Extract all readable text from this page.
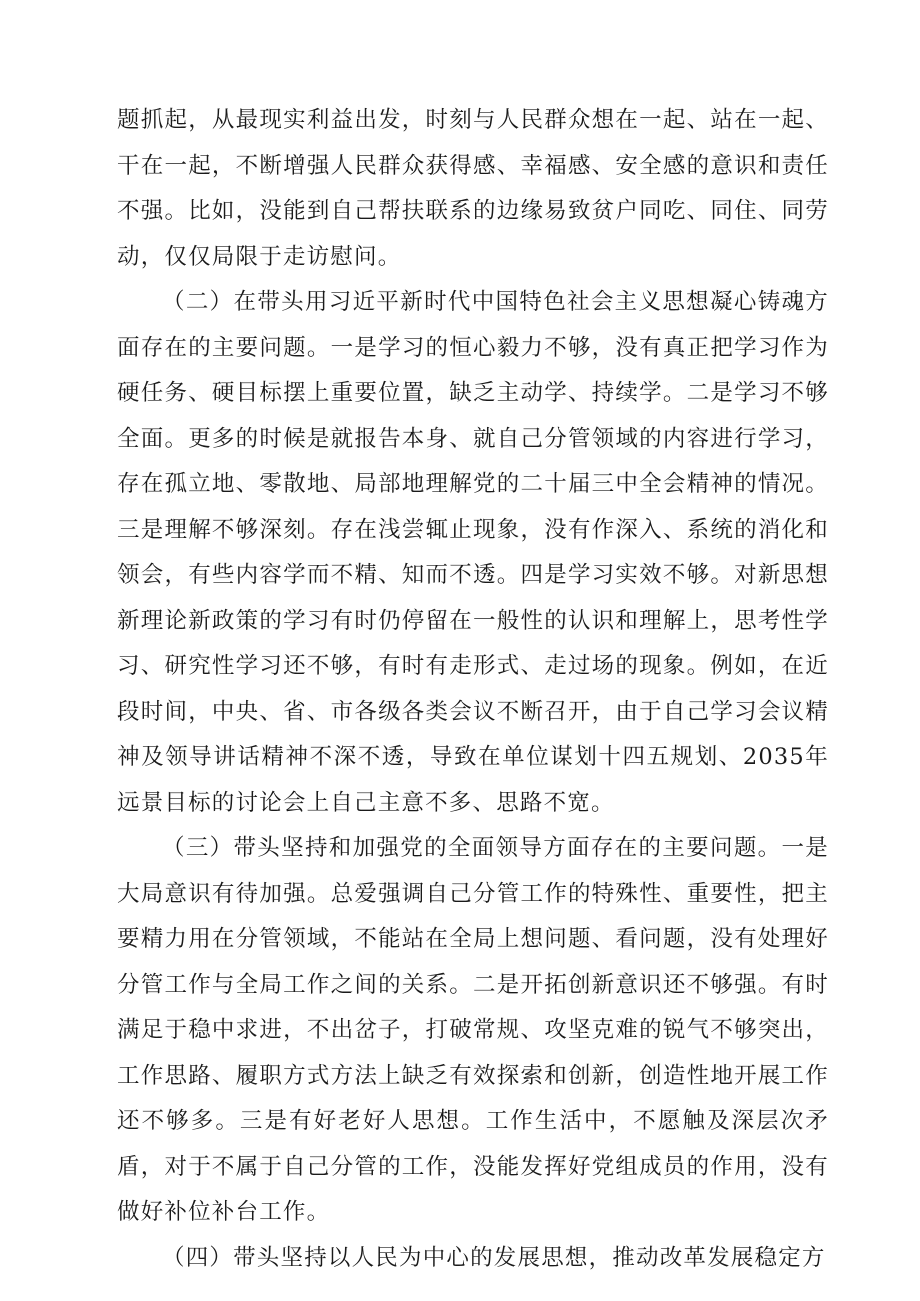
题抓起，从最现实利益出发，时刻与人民群众想在一起、站在一起、干在一起，不断增强人民群众获得感、幸福感、安全感的意识和责任不强。比如，没能到自己帮扶联系的边缘易致贫户同吃、同住、同劳动，仅仅局限于走访慰问。

（二）在带头用习近平新时代中国特色社会主义思想凝心铸魂方面存在的主要问题。一是学习的恒心毅力不够，没有真正把学习作为硬任务、硬目标摆上重要位置，缺乏主动学、持续学。二是学习不够全面。更多的时候是就报告本身、就自己分管领域的内容进行学习，存在孤立地、零散地、局部地理解党的二十届三中全会精神的情况。三是理解不够深刻。存在浅尝辄止现象，没有作深入、系统的消化和领会，有些内容学而不精、知而不透。四是学习实效不够。对新思想新理论新政策的学习有时仍停留在一般性的认识和理解上，思考性学习、研究性学习还不够，有时有走形式、走过场的现象。例如，在近段时间，中央、省、市各级各类会议不断召开，由于自己学习会议精神及领导讲话精神不深不透，导致在单位谋划十四五规划、2035年远景目标的讨论会上自己主意不多、思路不宽。

（三）带头坚持和加强党的全面领导方面存在的主要问题。一是大局意识有待加强。总爱强调自己分管工作的特殊性、重要性，把主要精力用在分管领域，不能站在全局上想问题、看问题，没有处理好分管工作与全局工作之间的关系。二是开拓创新意识还不够强。有时满足于稳中求进，不出岔子，打破常规、攻坚克难的锐气不够突出，工作思路、履职方式方法上缺乏有效探索和创新，创造性地开展工作还不够多。三是有好老好人思想。工作生活中，不愿触及深层次矛盾，对于不属于自己分管的工作，没能发挥好党组成员的作用，没有做好补位补台工作。

（四）带头坚持以人民为中心的发展思想，推动改革发展稳定方
